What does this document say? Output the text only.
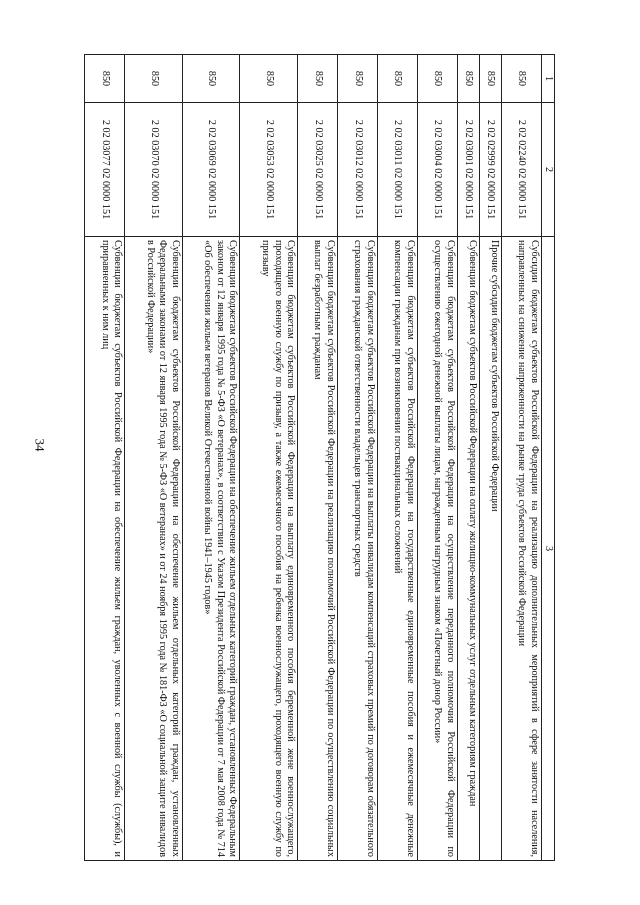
34
1	2	3
850	2 02 02240 02 0000 151	Субсидии бюджетам субъектов Российской Федерации на реализацию дополнительных мероприятий в сфере занятости населения, направленных на снижение напряженности на рынке труда субъектов Российской Федерации
850	2 02 02999 02 0000 151	Прочие субсидии бюджетам субъектов Российской Федерации
850	2 02 03001 02 0000 151	Субвенции бюджетам субъектов Российской Федерации на оплату жилищно-коммунальных услуг отдельным категориям граждан
850	2 02 03004 02 0000 151	Субвенции бюджетам субъектов Российской Федерации на осуществление переданного полномочия Российской Федерации по осуществлению ежегодной денежной выплаты лицам, награжденным нагрудным знаком «Почетный донор России»
850	2 02 03011 02 0000 151	Субвенции бюджетам субъектов Российской Федерации на государственные единовременные пособия и ежемесячные денежные компенсации гражданам при возникновении поствакцинальных осложнений
850	2 02 03012 02 0000 151	Субвенции бюджетам субъектов Российской Федерации на выплаты инвалидам компенсаций страховых премий по договорам обязательного страхования гражданской ответственности владельцев транспортных средств
850	2 02 03025 02 0000 151	Субвенции бюджетам субъектов Российской Федерации на реализацию полномочий Российской Федерации по осуществлению социальных выплат безработным гражданам
850	2 02 03053 02 0000 151	Субвенции бюджетам субъектов Российской Федерации на выплату единовременного пособия беременной жене военнослужащего, проходящего военную службу по призыву, а также ежемесячного пособия на ребенка военнослужащего, проходящего военную службу по призыву
850	2 02 03069 02 0000 151	Субвенции бюджетам субъектов Российской Федерации на обеспечение жильем отдельных категорий граждан, установленных Федеральным законом от 12 января 1995 года № 5-ФЗ «О ветеранах», в соответствии с Указом Президента Российской Федерации от 7 мая 2008 года № 714 «Об обеспечении жильем ветеранов Великой Отечественной войны 1941–1945 годов»
850	2 02 03070 02 0000 151	Субвенции бюджетам субъектов Российской Федерации на обеспечение жильем отдельных категорий граждан, установленных Федеральными законами от 12 января 1995 года № 5-ФЗ «О ветеранах» и от 24 ноября 1995 года № 181-ФЗ «О социальной защите инвалидов в Российской Федерации»
850	2 02 03077 02 0000 151	Субвенции бюджетам субъектов Российской Федерации на обеспечение жильем граждан, уволенных с военной службы (службы), и приравненных к ним лиц
